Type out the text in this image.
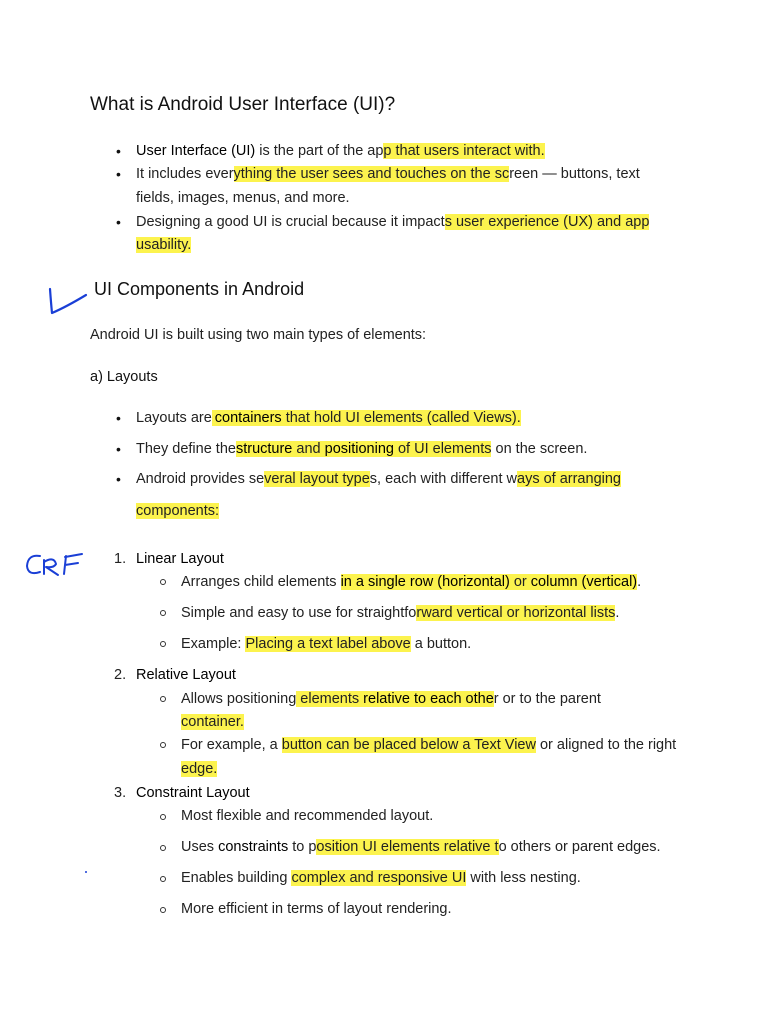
What is Android User Interface (UI)?
• User Interface (UI) is the part of the app that users interact with.
• It includes everything the user sees and touches on the screen — buttons, text
fields, images, menus, and more.
• Designing a good UI is crucial because it impacts user experience (UX) and app
usability.
UI Components in Android
Android UI is built using two main types of elements:
a) Layouts
• Layouts are containers that hold UI elements (called Views).
• They define thestructure and positioning of UI elements on the screen.
• Android provides several layout types, each with different ways of arranging
components:
1. Linear Layout
Arranges child elements in a single row (horizontal) or column (vertical).
Simple and easy to use for straightforward vertical or horizontal lists.
Example: Placing a text label above a button.
2. Relative Layout
Allows positioning elements relative to each other or to the parent
container.
For example, a button can be placed below a Text View or aligned to the right
edge.
3. Constraint Layout
Most flexible and recommended layout.
Uses constraints to position UI elements relative to others or parent edges.
Enables building complex and responsive UI with less nesting.
More efficient in terms of layout rendering.
